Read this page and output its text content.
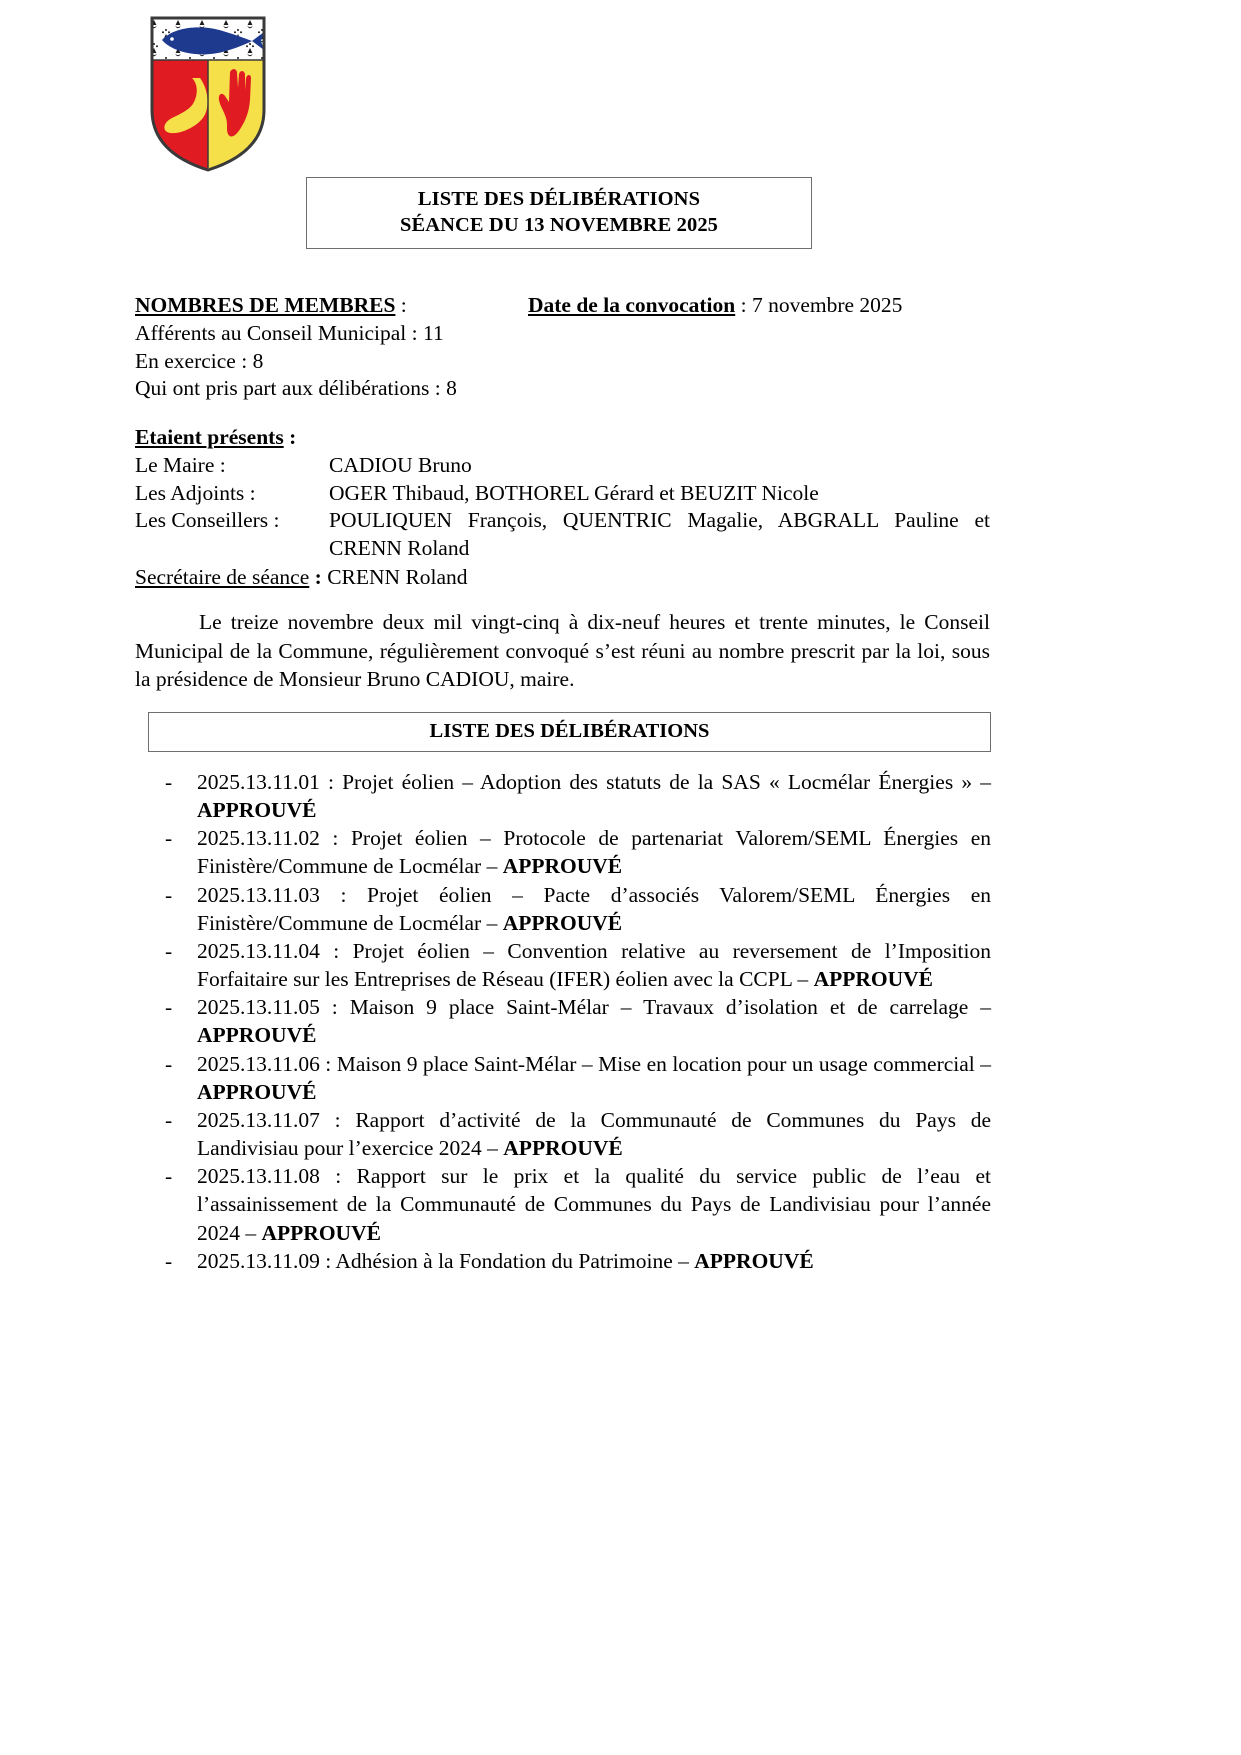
LISTE DES DÉLIBÉRATIONS
SÉANCE DU 13 NOVEMBRE 2025
NOMBRES DE MEMBRES :
Afférents au Conseil Municipal : 11
En exercice : 8
Qui ont pris part aux délibérations : 8
Date de la convocation : 7 novembre 2025
Etaient présents :
Le Maire :	CADIOU Bruno
Les Adjoints :	OGER Thibaud, BOTHOREL Gérard et BEUZIT Nicole
Les Conseillers :	POULIQUEN François, QUENTRIC Magalie, ABGRALL Pauline et
	CRENN Roland
Secrétaire de séance : CRENN Roland
Le treize novembre deux mil vingt-cinq à dix-neuf heures et trente minutes, le Conseil Municipal de la Commune, régulièrement convoqué s’est réuni au nombre prescrit par la loi, sous la présidence de Monsieur Bruno CADIOU, maire.
LISTE DES DÉLIBÉRATIONS
-	2025.13.11.01 : Projet éolien – Adoption des statuts de la SAS « Locmélar Énergies » – APPROUVÉ
-	2025.13.11.02 : Projet éolien – Protocole de partenariat Valorem/SEML Énergies en Finistère/Commune de Locmélar – APPROUVÉ
-	2025.13.11.03 : Projet éolien – Pacte d’associés Valorem/SEML Énergies en Finistère/Commune de Locmélar – APPROUVÉ
-	2025.13.11.04 : Projet éolien – Convention relative au reversement de l’Imposition Forfaitaire sur les Entreprises de Réseau (IFER) éolien avec la CCPL – APPROUVÉ
-	2025.13.11.05 : Maison 9 place Saint-Mélar – Travaux d’isolation et de carrelage – APPROUVÉ
-	2025.13.11.06 : Maison 9 place Saint-Mélar – Mise en location pour un usage commercial – APPROUVÉ
-	2025.13.11.07 : Rapport d’activité de la Communauté de Communes du Pays de Landivisiau pour l’exercice 2024 – APPROUVÉ
-	2025.13.11.08 : Rapport sur le prix et la qualité du service public de l’eau et l’assainissement de la Communauté de Communes du Pays de Landivisiau pour l’année 2024 – APPROUVÉ
-	2025.13.11.09 : Adhésion à la Fondation du Patrimoine – APPROUVÉ
